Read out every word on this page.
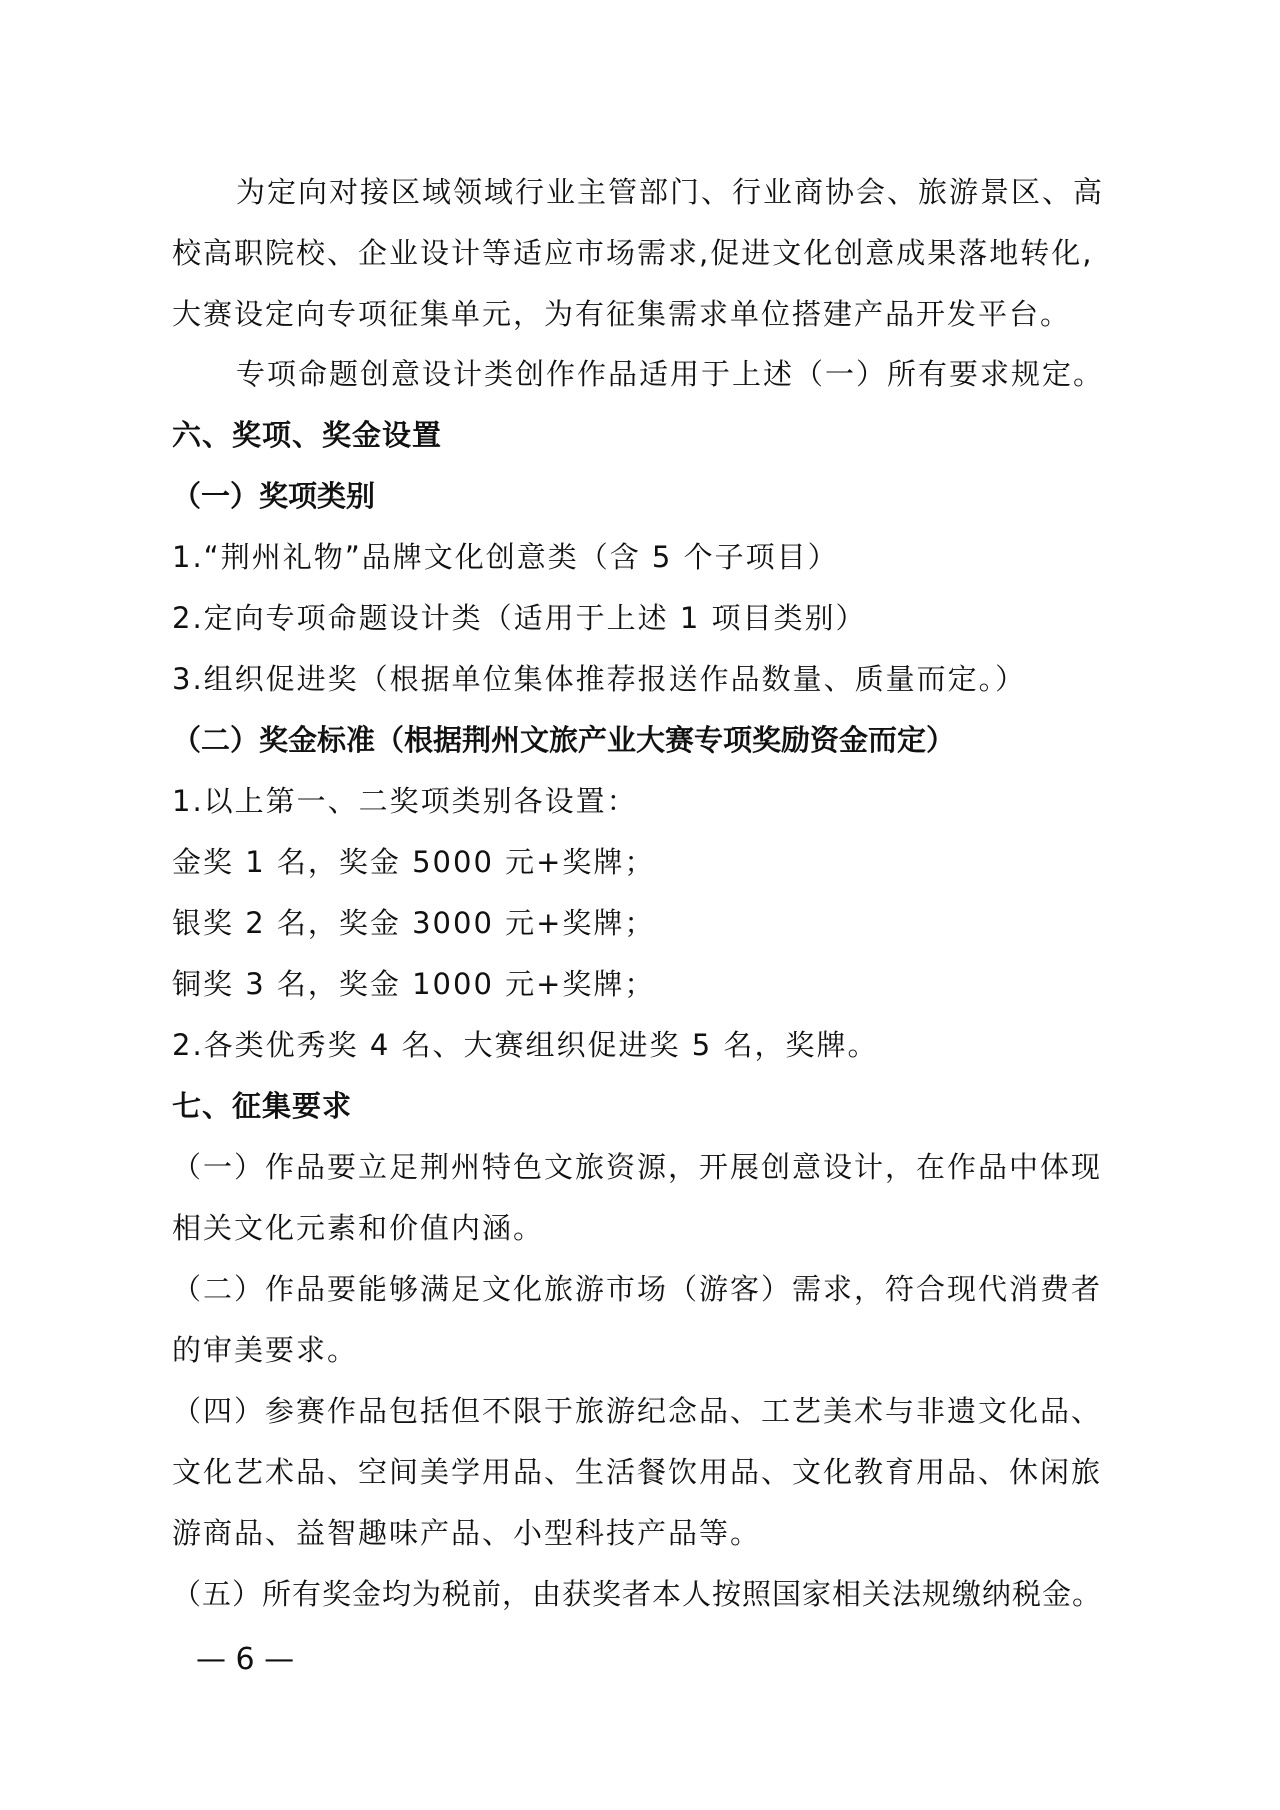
为定向对接区域领域行业主管部门、行业商协会、旅游景区、高
校高职院校、企业设计等适应市场需求,促进文化创意成果落地转化,
大赛设定向专项征集单元，为有征集需求单位搭建产品开发平台。
专项命题创意设计类创作作品适用于上述（一）所有要求规定。
六、奖项、奖金设置
（一）奖项类别
1.“荆州礼物”品牌文化创意类（含 5 个子项目）
2.定向专项命题设计类（适用于上述 1 项目类别）
3.组织促进奖（根据单位集体推荐报送作品数量、质量而定。）
（二）奖金标准（根据荆州文旅产业大赛专项奖励资金而定）
1.以上第一、二奖项类别各设置：
金奖 1 名，奖金 5000 元+奖牌；
银奖 2 名，奖金 3000 元+奖牌；
铜奖 3 名，奖金 1000 元+奖牌；
2.各类优秀奖 4 名、大赛组织促进奖 5 名，奖牌。
七、征集要求
（一）作品要立足荆州特色文旅资源，开展创意设计，在作品中体现
相关文化元素和价值内涵。
（二）作品要能够满足文化旅游市场（游客）需求，符合现代消费者
的审美要求。
（四）参赛作品包括但不限于旅游纪念品、工艺美术与非遗文化品、
文化艺术品、空间美学用品、生活餐饮用品、文化教育用品、休闲旅
游商品、益智趣味产品、小型科技产品等。
（五）所有奖金均为税前，由获奖者本人按照国家相关法规缴纳税金。
— 6 —
